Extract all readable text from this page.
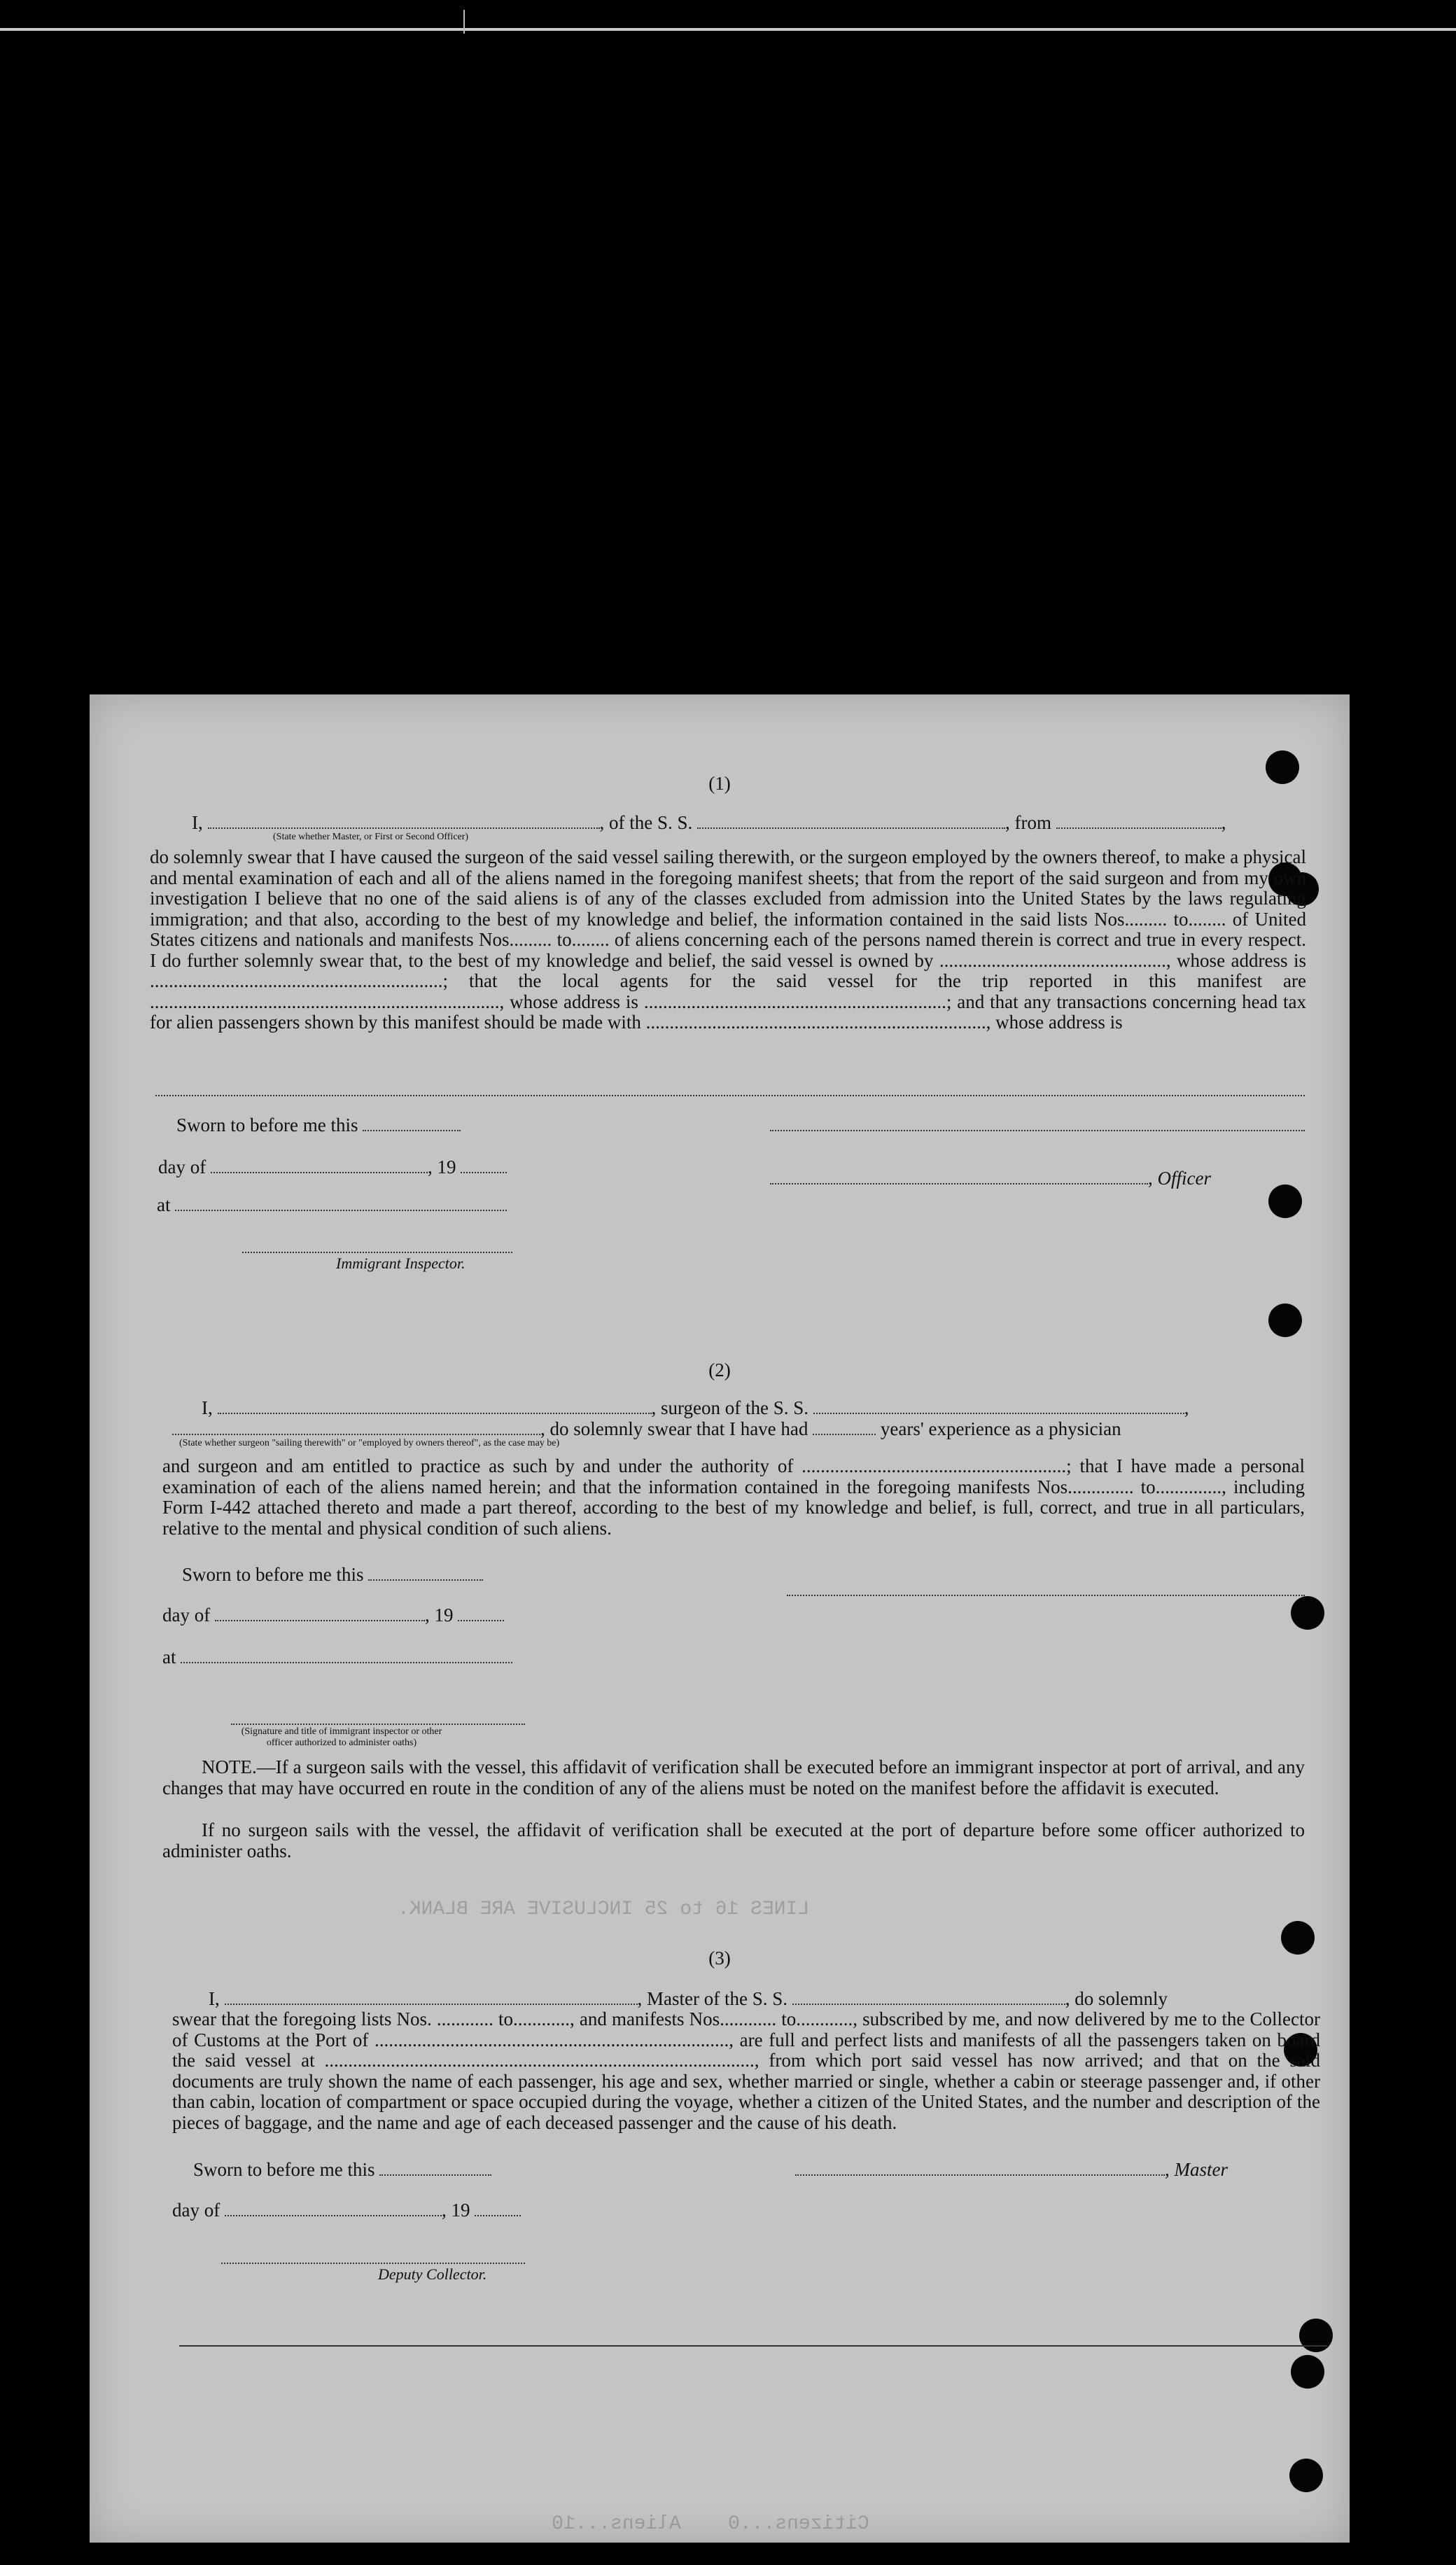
LINES 16 to 25 INCLUSIVE ARE BLANK.
Citizens...0    Aliens...10
(1)
I,	, of the S. S.	, from	,
(State whether Master, or First or Second Officer)
do solemnly swear that I have caused the surgeon of the said vessel sailing therewith, or the surgeon employed by the owners thereof, to make a physical and mental examination of each and all of the aliens named in the foregoing manifest sheets; that from the report of the said surgeon and from my own investigation I believe that no one of the said aliens is of any of the classes excluded from admission into the United States by the laws regulating immigration; and that also, according to the best of my knowledge and belief, the information contained in the said lists Nos......... to........ of United States citizens and nationals and manifests Nos......... to........ of aliens concerning each of the persons named therein is correct and true in every respect. I do further solemnly swear that, to the best of my knowledge and belief, the said vessel is owned by ................................................, whose address is ..............................................................; that the local agents for the said vessel for the trip reported in this manifest are .........................................................................., whose address is ................................................................; and that any transactions concerning head tax for alien passengers shown by this manifest should be made with ........................................................................, whose address is
Sworn to before me this
day of	, 19
, Officer
at
Immigrant Inspector.
(2)
I,	, surgeon of the S. S.	,
, do solemnly swear that I have had	years' experience as a physician
(State whether surgeon "sailing therewith" or "employed by owners thereof", as the case may be)
and surgeon and am entitled to practice as such by and under the authority of ........................................................; that I have made a personal examination of each of the aliens named herein; and that the information contained in the foregoing manifests Nos.............. to.............., including Form I-442 attached thereto and made a part thereof, according to the best of my knowledge and belief, is full, correct, and true in all particulars, relative to the mental and physical condition of such aliens.
Sworn to before me this
day of	, 19
at
(Signature and title of immigrant inspector or other officer authorized to administer oaths)
NOTE.—If a surgeon sails with the vessel, this affidavit of verification shall be executed before an immigrant inspector at port of arrival, and any changes that may have occurred en route in the condition of any of the aliens must be noted on the manifest before the affidavit is executed.
If no surgeon sails with the vessel, the affidavit of verification shall be executed at the port of departure before some officer authorized to administer oaths.
(3)
I,	, Master of the S. S.	, do solemnly
swear that the foregoing lists Nos. ............ to............, and manifests Nos............ to............, subscribed by me, and now delivered by me to the Collector of Customs at the Port of ..........................................................................., are full and perfect lists and manifests of all the passengers taken on board the said vessel at ..........................................................................................., from which port said vessel has now arrived; and that on the said documents are truly shown the name of each passenger, his age and sex, whether married or single, whether a cabin or steerage passenger and, if other than cabin, location of compartment or space occupied during the voyage, whether a citizen of the United States, and the number and description of the pieces of baggage, and the name and age of each deceased passenger and the cause of his death.
Sworn to before me this	, Master
day of	, 19
Deputy Collector.
